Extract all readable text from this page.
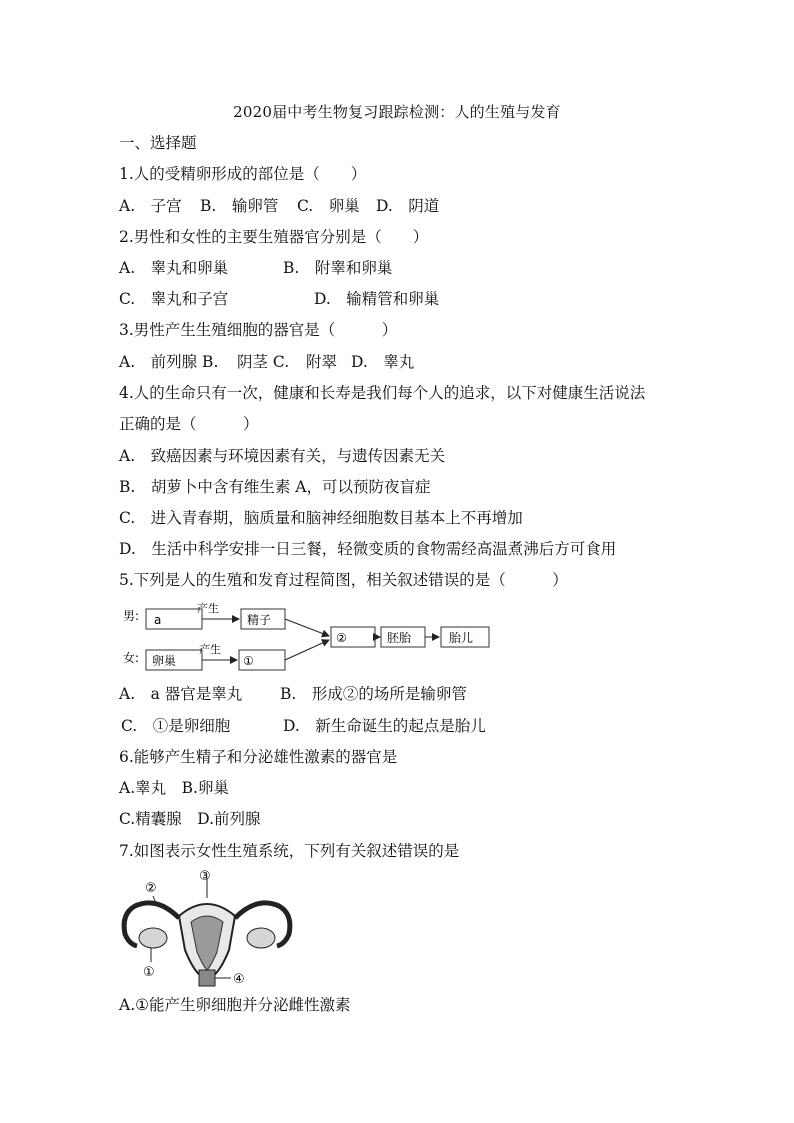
2020届中考生物复习跟踪检测：人的生殖与发育
一、选择题
1.人的受精卵形成的部位是（　　）
A.　子宫 B.　输卵管 C.　卵巢 D.　阴道
2.男性和女性的主要生殖器官分别是（　　）
A.　睾丸和卵巢	B.　附睾和卵巢
C.　睾丸和子宫	D.　输精管和卵巢
3.男性产生生殖细胞的器官是（　　　）
A.　前列腺 B. 阴茎 C. 附翠 D.　睾丸
4.人的生命只有一次，健康和长寿是我们每个人的追求，以下对健康生活说法
正确的是（　　　）
A.　致癌因素与环境因素有关，与遗传因素无关
B.　胡萝卜中含有维生素 A，可以预防夜盲症
C.　进入青春期，脑质量和脑神经细胞数目基本上不再增加
D.　生活中科学安排一日三餐，轻微变质的食物需经高温煮沸后方可食用
5.下列是人的生殖和发育过程简图，相关叙述错误的是（　　　）
男:
女:
a
产生
精子
卵巢
产生
①
②	胚胎	胎儿
A.　a 器官是睾丸 B.　形成②的场所是输卵管
C.　①是卵细胞	D.　新生命诞生的起点是胎儿
6.能够产生精子和分泌雄性激素的器官是
A.睾丸　B.卵巢
C.精囊腺　D.前列腺
7.如图表示女性生殖系统，下列有关叙述错误的是
②
③
①	④
A.①能产生卵细胞并分泌雌性激素
